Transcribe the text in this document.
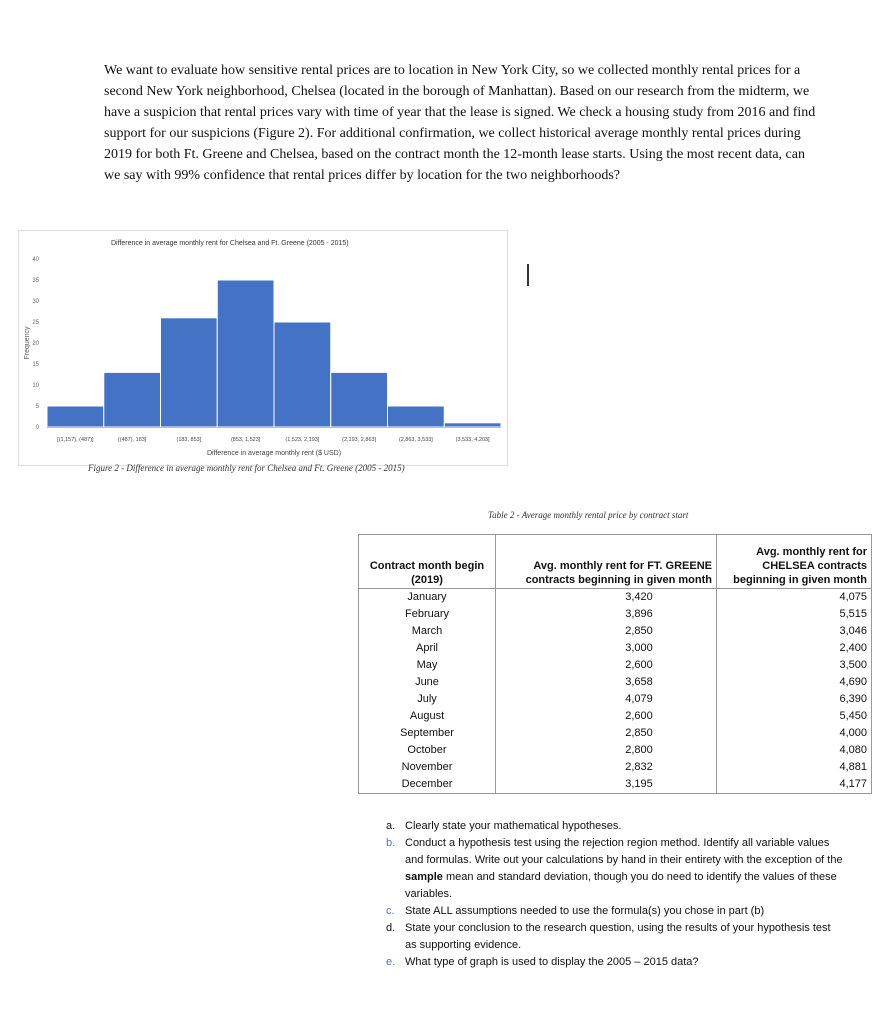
We want to evaluate how sensitive rental prices are to location in New York City, so we collected monthly rental prices for a second New York neighborhood, Chelsea (located in the borough of Manhattan). Based on our research from the midterm, we have a suspicion that rental prices vary with time of year that the lease is signed. We check a housing study from 2016 and find support for our suspicions (Figure 2). For additional confirmation, we collect historical average monthly rental prices during 2019 for both Ft. Greene and Chelsea, based on the contract month the 12-month lease starts. Using the most recent data, can we say with 99% confidence that rental prices differ by location for the two neighborhoods?

Difference in average monthly rent for Chelsea and Ft. Greene (2005 - 2015)
0
5
10
15
20
25
30
35
40
Frequency
[(1,157), (487)]	((487), 183]	(183, 853]	(853, 1,523]	(1,523, 2,193]	(2,193, 2,863]	(2,863, 3,533]	(3,533, 4,203]
Difference in average monthly rent ($ USD)
Figure 2 - Difference in average monthly rent for Chelsea and Ft. Greene (2005 - 2015)
Table 2 - Average monthly rental price by contract start
Contract month begin (2019)	Avg. monthly rent for FT. GREENE contracts beginning in given month	Avg. monthly rent for CHELSEA contracts beginning in given month
January	3,420	4,075
February	3,896	5,515
March	2,850	3,046
April	3,000	2,400
May	2,600	3,500
June	3,658	4,690
July	4,079	6,390
August	2,600	5,450
September	2,850	4,000
October	2,800	4,080
November	2,832	4,881
December	3,195	4,177
a. Clearly state your mathematical hypotheses.
b. Conduct a hypothesis test using the rejection region method. Identify all variable values and formulas. Write out your calculations by hand in their entirety with the exception of the sample mean and standard deviation, though you do need to identify the values of these variables.
c. State ALL assumptions needed to use the formula(s) you chose in part (b)
d. State your conclusion to the research question, using the results of your hypothesis test as supporting evidence.
e. What type of graph is used to display the 2005 – 2015 data?
